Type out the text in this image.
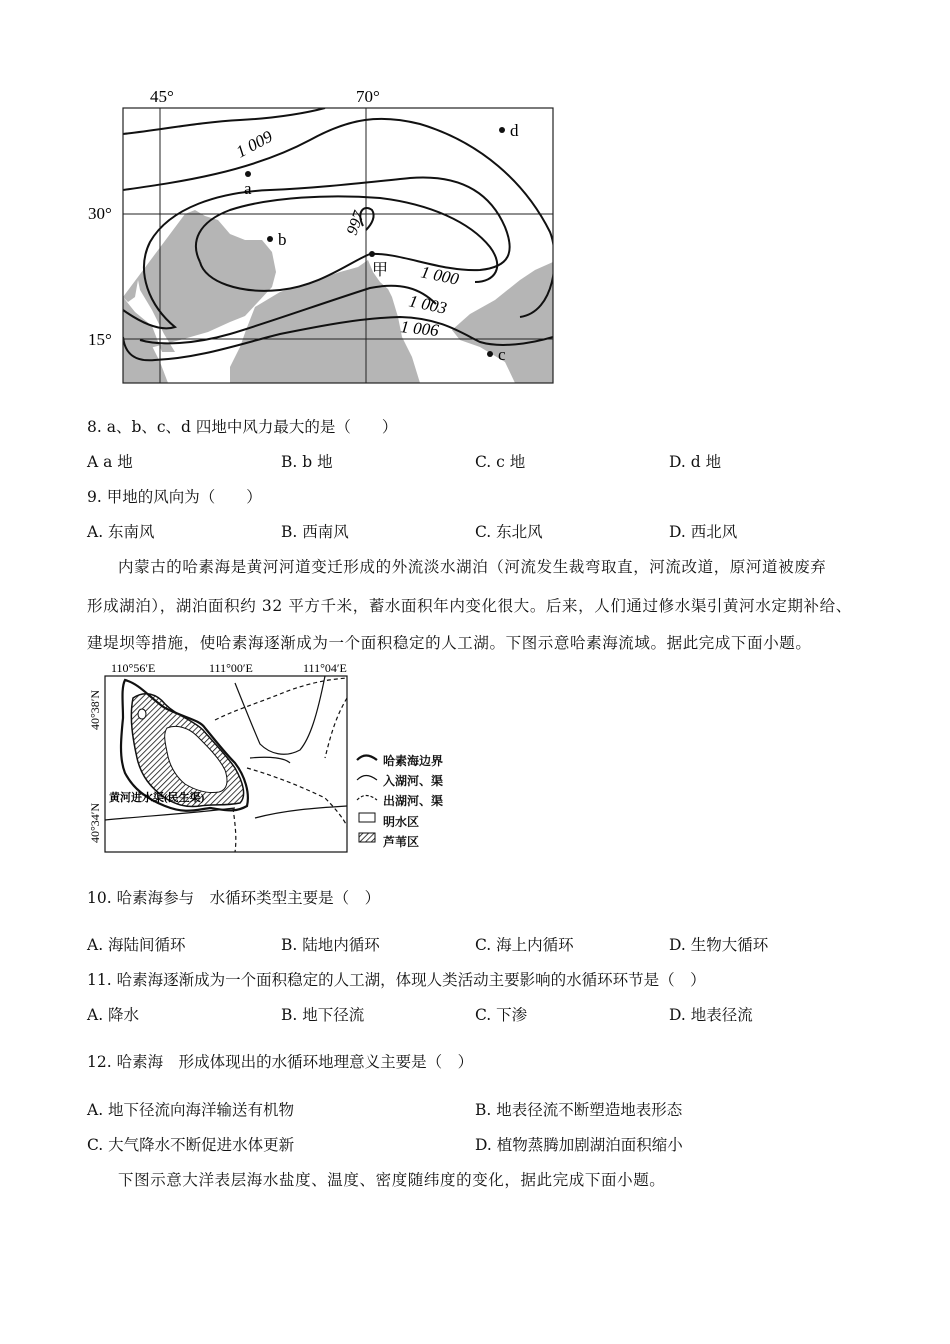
1 009
997
1 000
1 003
1 006
45°	70°
30°
15°
a
b
c
d
甲
8. a、b、c、d 四地中风力最大的是（　　）
A a 地	B. b 地	C. c 地	D. d 地
9. 甲地的风向为（　　）
A. 东南风	B. 西南风	C. 东北风	D. 西北风
内蒙古的哈素海是黄河河道变迁形成的外流淡水湖泊（河流发生裁弯取直，河流改道，原河道被废弃
形成湖泊），湖泊面积约 32 平方千米，蓄水面积年内变化很大。后来，人们通过修水渠引黄河水定期补给、
建堤坝等措施，使哈素海逐渐成为一个面积稳定的人工湖。下图示意哈素海流域。据此完成下面小题。
110°56′E	111°00′E	111°04′E
40°38′N
40°34′N
黄河进水渠(民生渠)
哈素海边界
入湖河、渠
出湖河、渠
明水区
芦苇区
10. 哈素海参与　水循环类型主要是（　）
A. 海陆间循环	B. 陆地内循环	C. 海上内循环	D. 生物大循环
11. 哈素海逐渐成为一个面积稳定的人工湖，体现人类活动主要影响的水循环环节是（　）
A. 降水	B. 地下径流	C. 下渗	D. 地表径流
12. 哈素海　形成体现出的水循环地理意义主要是（　）
A. 地下径流向海洋输送有机物	B. 地表径流不断塑造地表形态
C. 大气降水不断促进水体更新	D. 植物蒸腾加剧湖泊面积缩小
下图示意大洋表层海水盐度、温度、密度随纬度的变化，据此完成下面小题。
